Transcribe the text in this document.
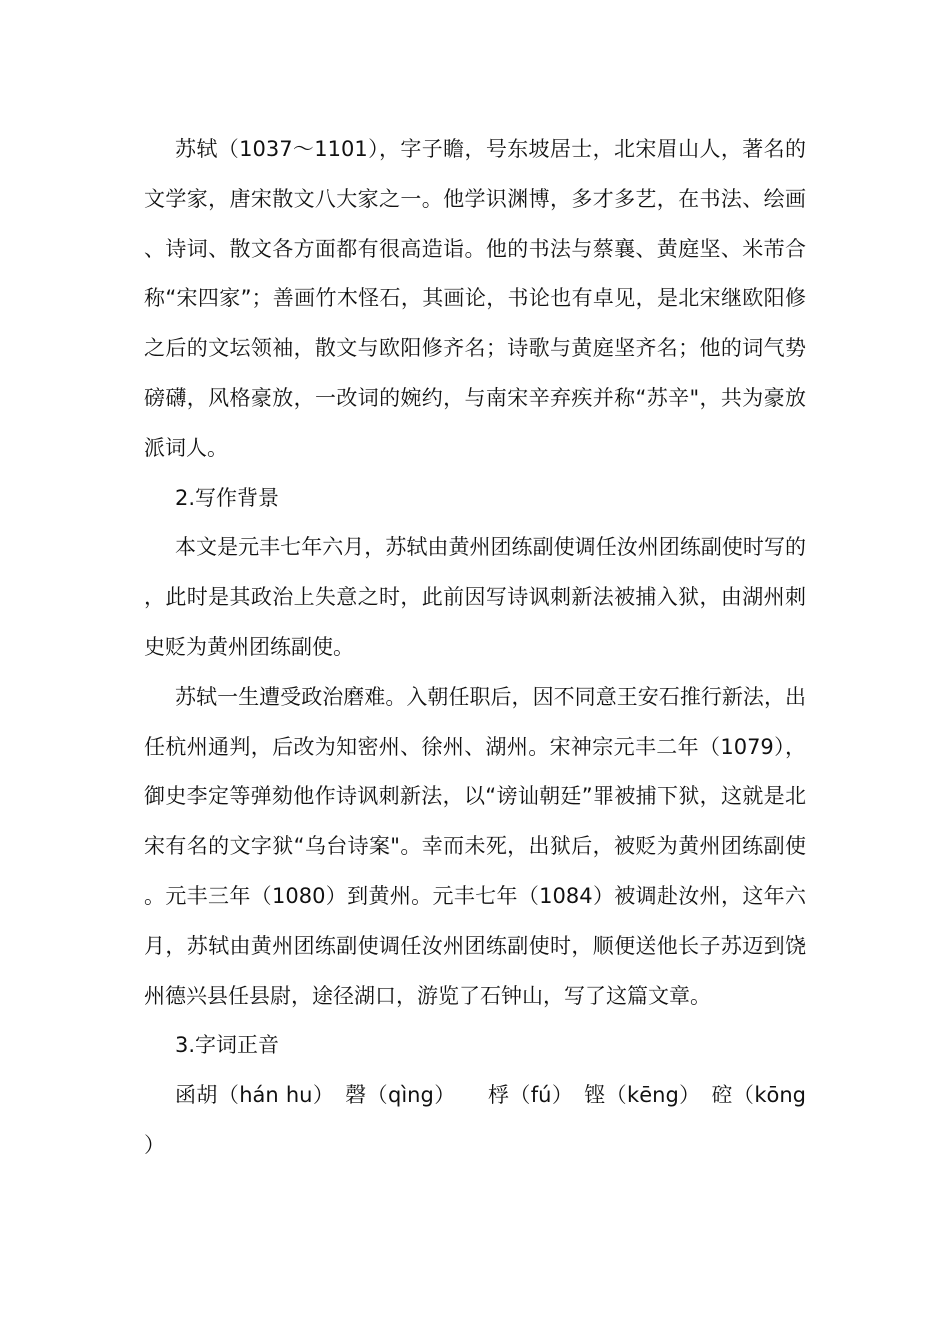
苏轼（1037～1101），字子瞻，号东坡居士，北宋眉山人，著名的文学家，唐宋散文八大家之一。他学识渊博，多才多艺，在书法、绘画、诗词、散文各方面都有很高造诣。他的书法与蔡襄、黄庭坚、米芾合称“宋四家”；善画竹木怪石，其画论，书论也有卓见，是北宋继欧阳修之后的文坛领袖，散文与欧阳修齐名；诗歌与黄庭坚齐名；他的词气势磅礴，风格豪放，一改词的婉约，与南宋辛弃疾并称“苏辛"，共为豪放派词人。

2.写作背景

本文是元丰七年六月，苏轼由黄州团练副使调任汝州团练副使时写的，此时是其政治上失意之时，此前因写诗讽刺新法被捕入狱，由湖州刺史贬为黄州团练副使。

苏轼一生遭受政治磨难。入朝任职后，因不同意王安石推行新法，出任杭州通判，后改为知密州、徐州、湖州。宋神宗元丰二年（1079），御史李定等弹劾他作诗讽刺新法，以“谤讪朝廷”罪被捕下狱，这就是北宋有名的文字狱“乌台诗案"。幸而未死，出狱后，被贬为黄州团练副使。元丰三年（1080）到黄州。元丰七年（1084）被调赴汝州，这年六月，苏轼由黄州团练副使调任汝州团练副使时，顺便送他长子苏迈到饶州德兴县任县尉，途径湖口，游览了石钟山，写了这篇文章。

3.字词正音

函胡（hán hu）　磬（qìng）　　桴（fú）　铿（kēng）　硿（kōng）
